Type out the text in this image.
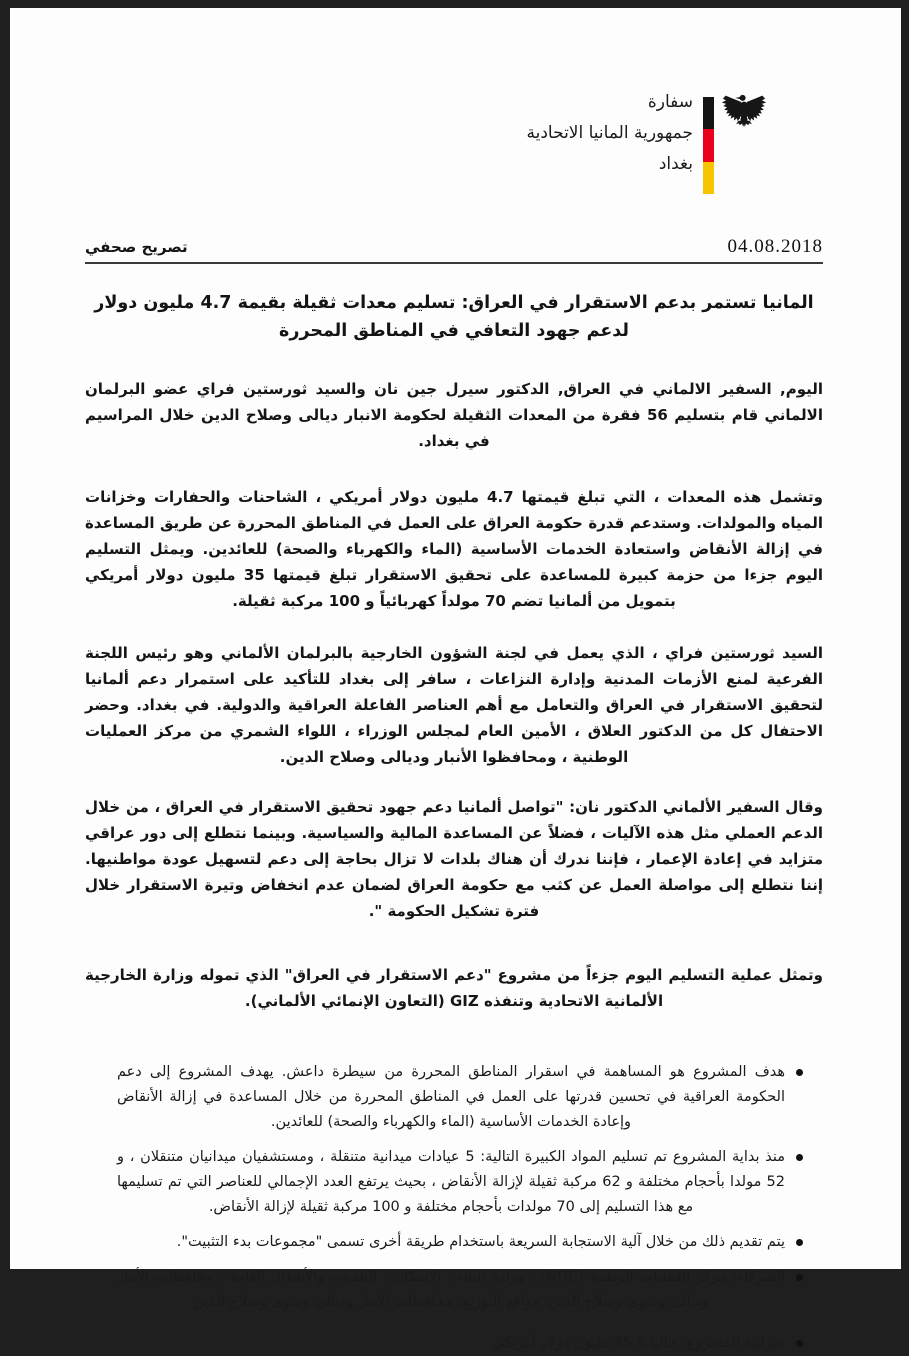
سفارة
جمهورية المانيا الاتحادية
بغداد
تصريح صحفي	04.08.2018
المانيا تستمر بدعم الاستقرار في العراق: تسليم معدات ثقيلة بقيمة 4.7 مليون دولار لدعم جهود التعافي في المناطق المحررة

اليوم, السفير الالماني في العراق, الدكتور سيرل جين نان والسيد ثورستين فراي عضو البرلمان الالماني قام بتسليم 56 فقرة من المعدات الثقيلة لحكومة الانبار ديالى وصلاح الدين خلال المراسيم في بغداد.

وتشمل هذه المعدات ، التي تبلغ قيمتها 4.7 مليون دولار أمريكي ، الشاحنات والحفارات وخزانات المياه والمولدات. وستدعم قدرة حكومة العراق على العمل في المناطق المحررة عن طريق المساعدة في إزالة الأنقاض واستعادة الخدمات الأساسية (الماء والكهرباء والصحة) للعائدين. ويمثل التسليم اليوم جزءا من حزمة كبيرة للمساعدة على تحقيق الاستقرار تبلغ قيمتها 35 مليون دولار أمريكي بتمويل من ألمانيا تضم 70 مولداً كهربائياً و 100 مركبة ثقيلة.

السيد ثورستين فراي ، الذي يعمل في لجنة الشؤون الخارجية بالبرلمان الألماني وهو رئيس اللجنة الفرعية لمنع الأزمات المدنية وإدارة النزاعات ، سافر إلى بغداد للتأكيد على استمرار دعم ألمانيا لتحقيق الاستقرار في العراق والتعامل مع أهم العناصر الفاعلة العراقية والدولية. في بغداد. وحضر الاحتفال كل من الدكتور العلاق ، الأمين العام لمجلس الوزراء ، اللواء الشمري من مركز العمليات الوطنية ، ومحافظوا الأنبار وديالى وصلاح الدين.

وقال السفير الألماني الدكتور نان: "تواصل ألمانيا دعم جهود تحقيق الاستقرار في العراق ، من خلال الدعم العملي مثل هذه الآليات ، فضلاً عن المساعدة المالية والسياسية. وبينما نتطلع إلى دور عراقي متزايد في إعادة الإعمار ، فإننا ندرك أن هناك بلدات لا تزال بحاجة إلى دعم لتسهيل عودة مواطنيها. إننا نتطلع إلى مواصلة العمل عن كثب مع حكومة العراق لضمان عدم انخفاض وتيرة الاستقرار خلال فترة تشكيل الحكومة ".

وتمثل عملية التسليم اليوم جزءاً من مشروع "دعم الاستقرار في العراق" الذي تموله وزارة الخارجية الألمانية الاتحادية وتنفذه GIZ (التعاون الإنمائي الألماني).

هدف المشروع هو المساهمة في اسقرار المناطق المحررة من سيطرة داعش. يهدف المشروع إلى دعم الحكومة العراقية في تحسين قدرتها على العمل في المناطق المحررة من خلال المساعدة في إزالة الأنقاض وإعادة الخدمات الأساسية (الماء والكهرباء والصحة) للعائدين.
منذ بداية المشروع تم تسليم المواد الكبيرة التالية: 5 عيادات ميدانية متنقلة ، ومستشفيان ميدانيان متنقلان ، و 52 مولدا بأحجام مختلفة و 62 مركبة ثقيلة لإزالة الأنقاض ، بحيث يرتفع العدد الإجمالي للعناصر التي تم تسليمها مع هذا التسليم إلى 70 مولدات بأحجام مختلفة و 100 مركبة ثقيلة لإزالة الأنقاض.
يتم تقديم ذلك من خلال آلية الاستجابة السريعة باستخدام طريقة أخرى تسمى "مجموعات بدء التثبيت".
الشركاء: مركز العمليات الوطنية (NOC) ، وزارة البناء ، الإسكان ، البلديات والأشغال العامة ، محافظات الأنبار وديالى ونينوى وصلاح الدين. مواقع التوزيع: محافظات الأنبار وديالى ونينوى وصلاح الدين
ميزانية المشروع: حاليا 35.5 مليون دولار أمريكي
